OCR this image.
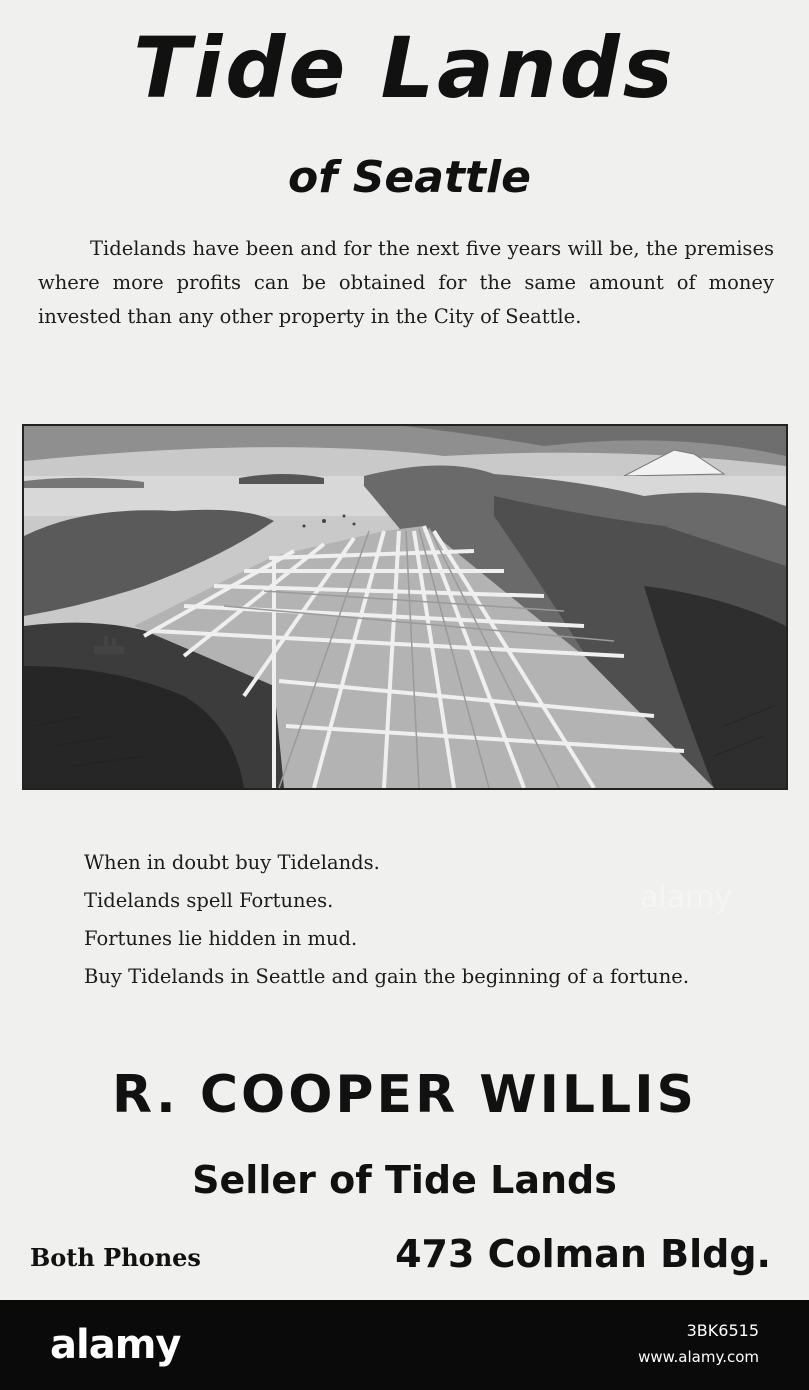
Tide Lands
of Seattle
Tidelands have been and for the next five years will be, the premises where more profits can be obtained for the same amount of money invested than any other property in the City of Seattle.
When in doubt buy Tidelands.
Tidelands spell Fortunes.
Fortunes lie hidden in mud.
Buy Tidelands in Seattle and gain the beginning of a fortune.
R. COOPER WILLIS
Seller of Tide Lands
Both Phones	473 Colman Bldg.
alamy
alamy	3BK6515
www.alamy.com
